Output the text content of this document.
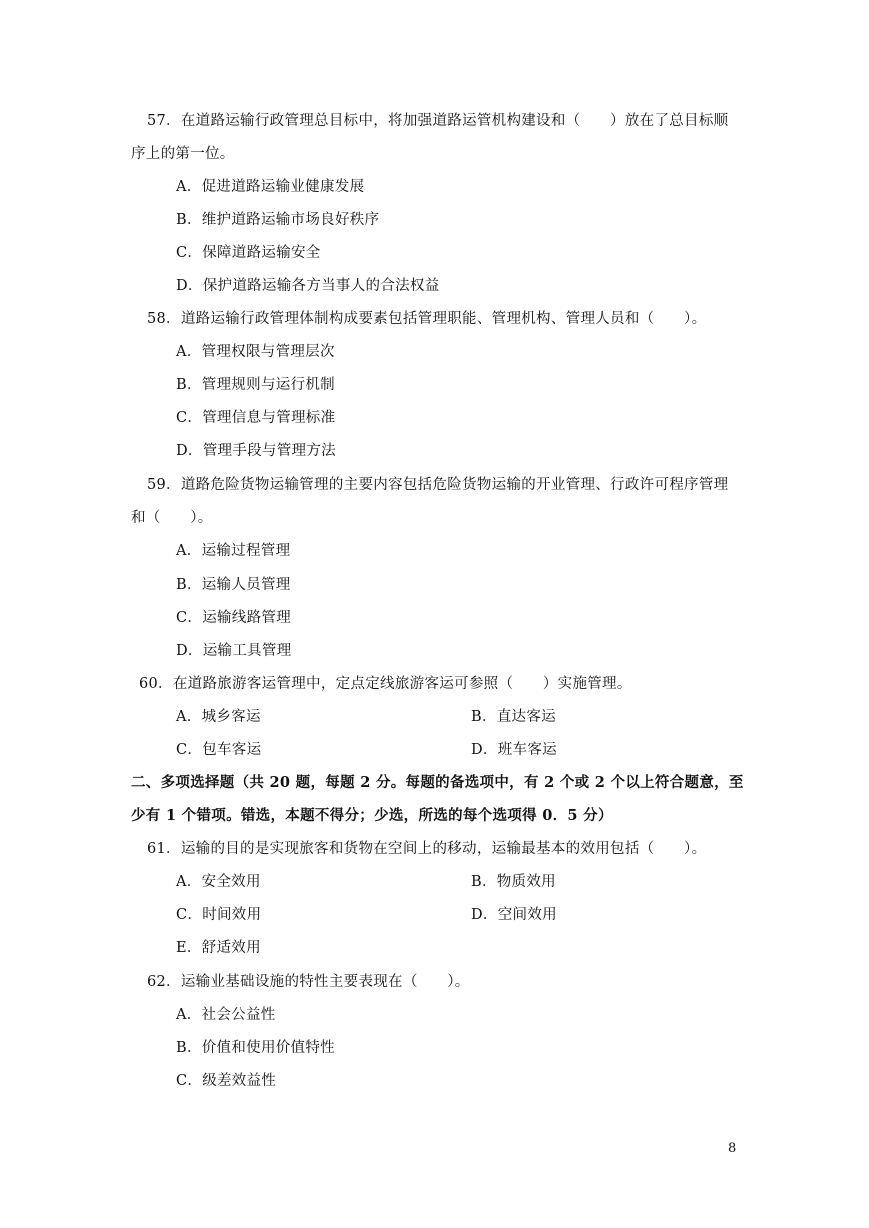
57．在道路运输行政管理总目标中，将加强道路运管机构建设和（　　）放在了总目标顺
序上的第一位。
A．促进道路运输业健康发展
B．维护道路运输市场良好秩序
C．保障道路运输安全
D．保护道路运输各方当事人的合法权益
58．道路运输行政管理体制构成要素包括管理职能、管理机构、管理人员和（　　）。
A．管理权限与管理层次
B．管理规则与运行机制
C．管理信息与管理标准
D．管理手段与管理方法
59．道路危险货物运输管理的主要内容包括危险货物运输的开业管理、行政许可程序管理
和（　　）。
A．运输过程管理
B．运输人员管理
C．运输线路管理
D．运输工具管理
60．在道路旅游客运管理中，定点定线旅游客运可参照（　　）实施管理。
A．城乡客运	B．直达客运
C．包车客运	D．班车客运
二、多项选择题（共 20 题，每题 2 分。每题的备选项中，有 2 个或 2 个以上符合题意，至
少有 1 个错项。错选，本题不得分；少选，所选的每个选项得 0．5 分）
61．运输的目的是实现旅客和货物在空间上的移动，运输最基本的效用包括（　　）。
A．安全效用	B．物质效用
C．时间效用	D．空间效用
E．舒适效用
62．运输业基础设施的特性主要表现在（　　）。
A．社会公益性
B．价值和使用价值特性
C．级差效益性
8
